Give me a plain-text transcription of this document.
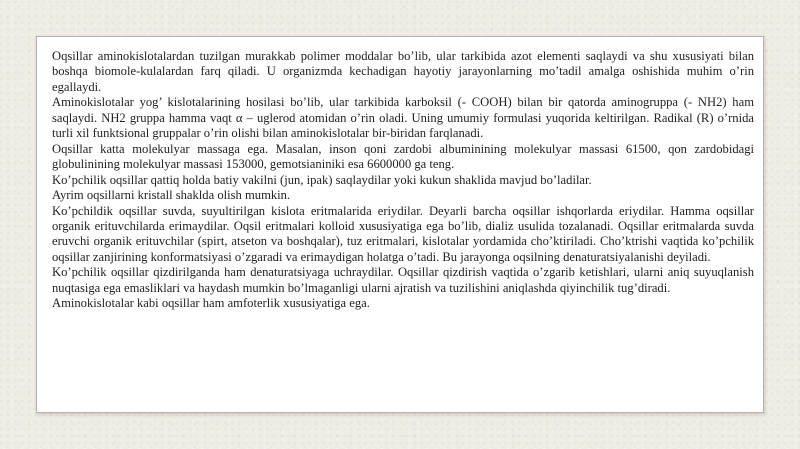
Oqsillar aminokislotalardan tuzilgan murakkab polimer moddalar bo’lib, ular tarkibida azot elementi saqlaydi va shu xususiyati bilan boshqa biomole-kulalardan farq qiladi. U organizmda kechadigan hayotiy jarayonlarning mo’tadil amalga oshishida muhim o’rin egallaydi.

Aminokislotalar yog’ kislotalarining hosilasi bo’lib, ular tarkibida karboksil (- COOH) bilan bir qatorda aminogruppa (- NH2) ham saqlaydi. NH2 gruppa hamma vaqt α – uglerod atomidan o’rin oladi. Uning umumiy formulasi yuqorida keltirilgan. Radikal (R) o’rnida turli xil funktsional gruppalar o’rin olishi bilan aminokislotalar bir-biridan farqlanadi.

Oqsillar katta molekulyar massaga ega. Masalan, inson qoni zardobi albuminining molekulyar massasi 61500, qon zardobidagi globulinining molekulyar massasi 153000, gemotsianiniki esa 6600000 ga teng.

Ko’pchilik oqsillar qattiq holda batiy vakilni (jun, ipak) saqlaydilar yoki kukun shaklida mavjud bo’ladilar.

Ayrim oqsillarni kristall shaklda olish mumkin.

Ko’pchildik oqsillar suvda, suyultirilgan kislota eritmalarida eriydilar. Deyarli barcha oqsillar ishqorlarda eriydilar. Hamma oqsillar organik erituvchilarda erimaydilar. Oqsil eritmalari kolloid xususiyatiga ega bo’lib, dializ usulida tozalanadi. Oqsillar eritmalarda suvda eruvchi organik erituvchilar (spirt, atseton va boshqalar), tuz eritmalari, kislotalar yordamida cho’ktiriladi. Cho’ktrishi vaqtida ko’pchilik oqsillar zanjirining konformatsiyasi o’zgaradi va erimaydigan holatga o’tadi. Bu jarayonga oqsilning denaturatsiyalanishi deyiladi.

Ko’pchilik oqsillar qizdirilganda ham denaturatsiyaga uchraydilar. Oqsillar qizdirish vaqtida o’zgarib ketishlari, ularni aniq suyuqlanish nuqtasiga ega emasliklari va haydash mumkin bo’lmaganligi ularni ajratish va tuzilishini aniqlashda qiyinchilik tug’diradi.

Aminokislotalar kabi oqsillar ham amfoterlik xususiyatiga ega.
